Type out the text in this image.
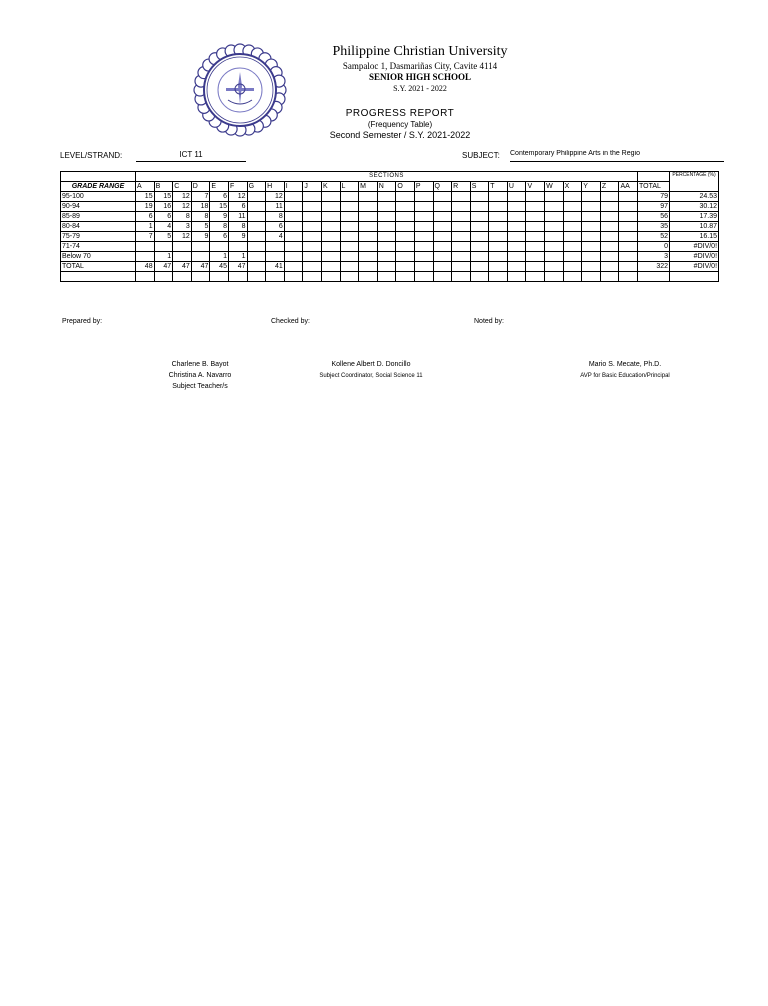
Philippine Christian University
Sampaloc 1, Dasmariñas City, Cavite 4114
SENIOR HIGH SCHOOL
S.Y. 2021 - 2022
PROGRESS REPORT
(Frequency Table)
Second Semester / S.Y. 2021-2022
LEVEL/STRAND:	ICT 11	SUBJECT: Contemporary Philippine Arts in the Regio
	SECTIONS																												PERCENTAGE (%)
GRADE RANGE	A	B	C	D	E	F	G	H	I	J	K	L	M	N	O	P	Q	R	S	T	U	V	W	X	Y	Z	AA	TOTAL	
95-100	15	15	12	7	6	12		12																				79	24.53
90-94	19	16	12	18	15	6		11																				97	30.12
85-89	6	6	8	8	9	11		8																				56	17.39
80-84	1	4	3	5	8	8		6																				35	10.87
75-79	7	5	12	9	6	9		4																				52	16.15
71-74																												0	#DIV/0!
Below 70		1			1	1																						3	#DIV/0!
TOTAL	48	47	47	47	45	47		41																				322	#DIV/0!

Prepared by:	Checked by:	Noted by:
Charlene B. Bayot
Christina A. Navarro
Subject Teacher/s
Kollene Albert D. Doncillo
Subject Coordinator, Social Science 11
Mario S. Mecate, Ph.D.
AVP for Basic Education/Principal
